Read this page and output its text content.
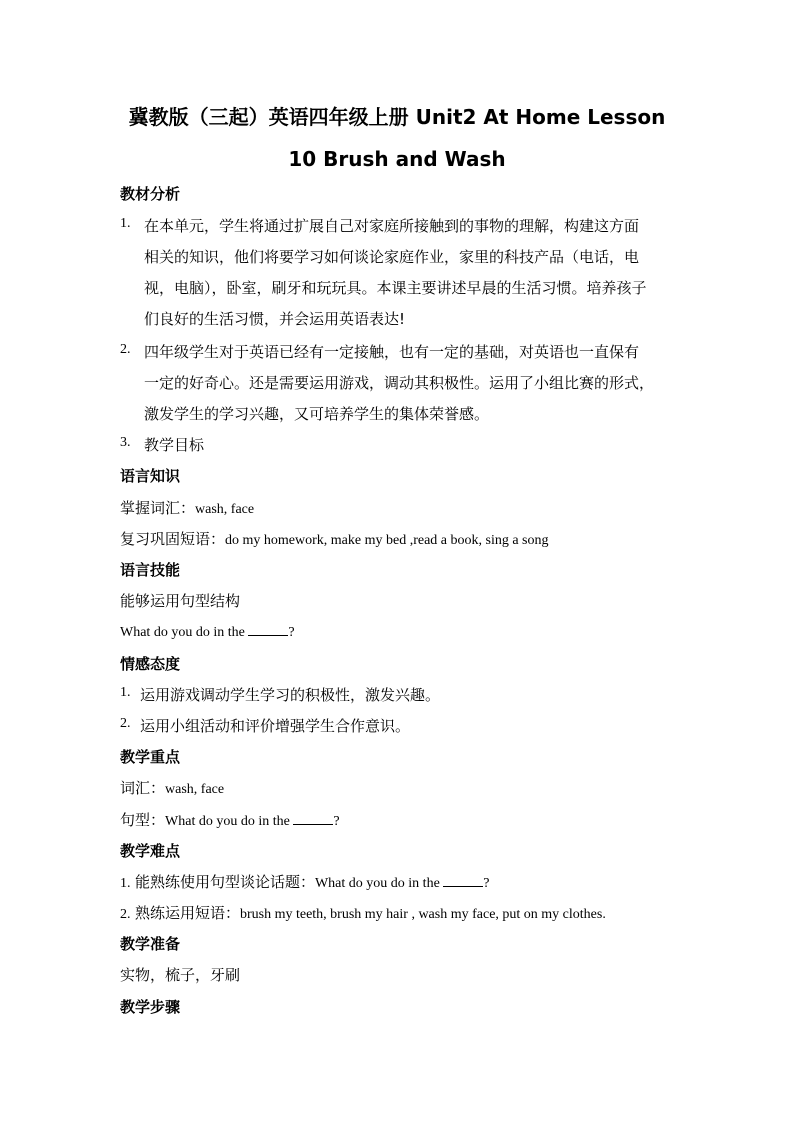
冀教版（三起）英语四年级上册 Unit2 At Home Lesson
10 Brush and Wash
教材分析
1. 在本单元，学生将通过扩展自己对家庭所接触到的事物的理解，构建这方面
相关的知识，他们将要学习如何谈论家庭作业，家里的科技产品（电话，电
视，电脑），卧室，刷牙和玩玩具。本课主要讲述早晨的生活习惯。培养孩子
们良好的生活习惯，并会运用英语表达!
2. 四年级学生对于英语已经有一定接触，也有一定的基础，对英语也一直保有
一定的好奇心。还是需要运用游戏，调动其积极性。运用了小组比赛的形式，
激发学生的学习兴趣，又可培养学生的集体荣誉感。
3. 教学目标
语言知识
掌握词汇：wash, face
复习巩固短语：do my homework, make my bed ,read a book, sing a song
语言技能
能够运用句型结构
What do you do in the	?
情感态度
1. 运用游戏调动学生学习的积极性，激发兴趣。
2. 运用小组活动和评价增强学生合作意识。
教学重点
词汇：wash, face
句型：What do you do in the	?
教学难点
1. 能熟练使用句型谈论话题：What do you do in the	?
2. 熟练运用短语：brush my teeth, brush my hair , wash my face, put on my clothes.
教学准备
实物，梳子，牙刷
教学步骤
